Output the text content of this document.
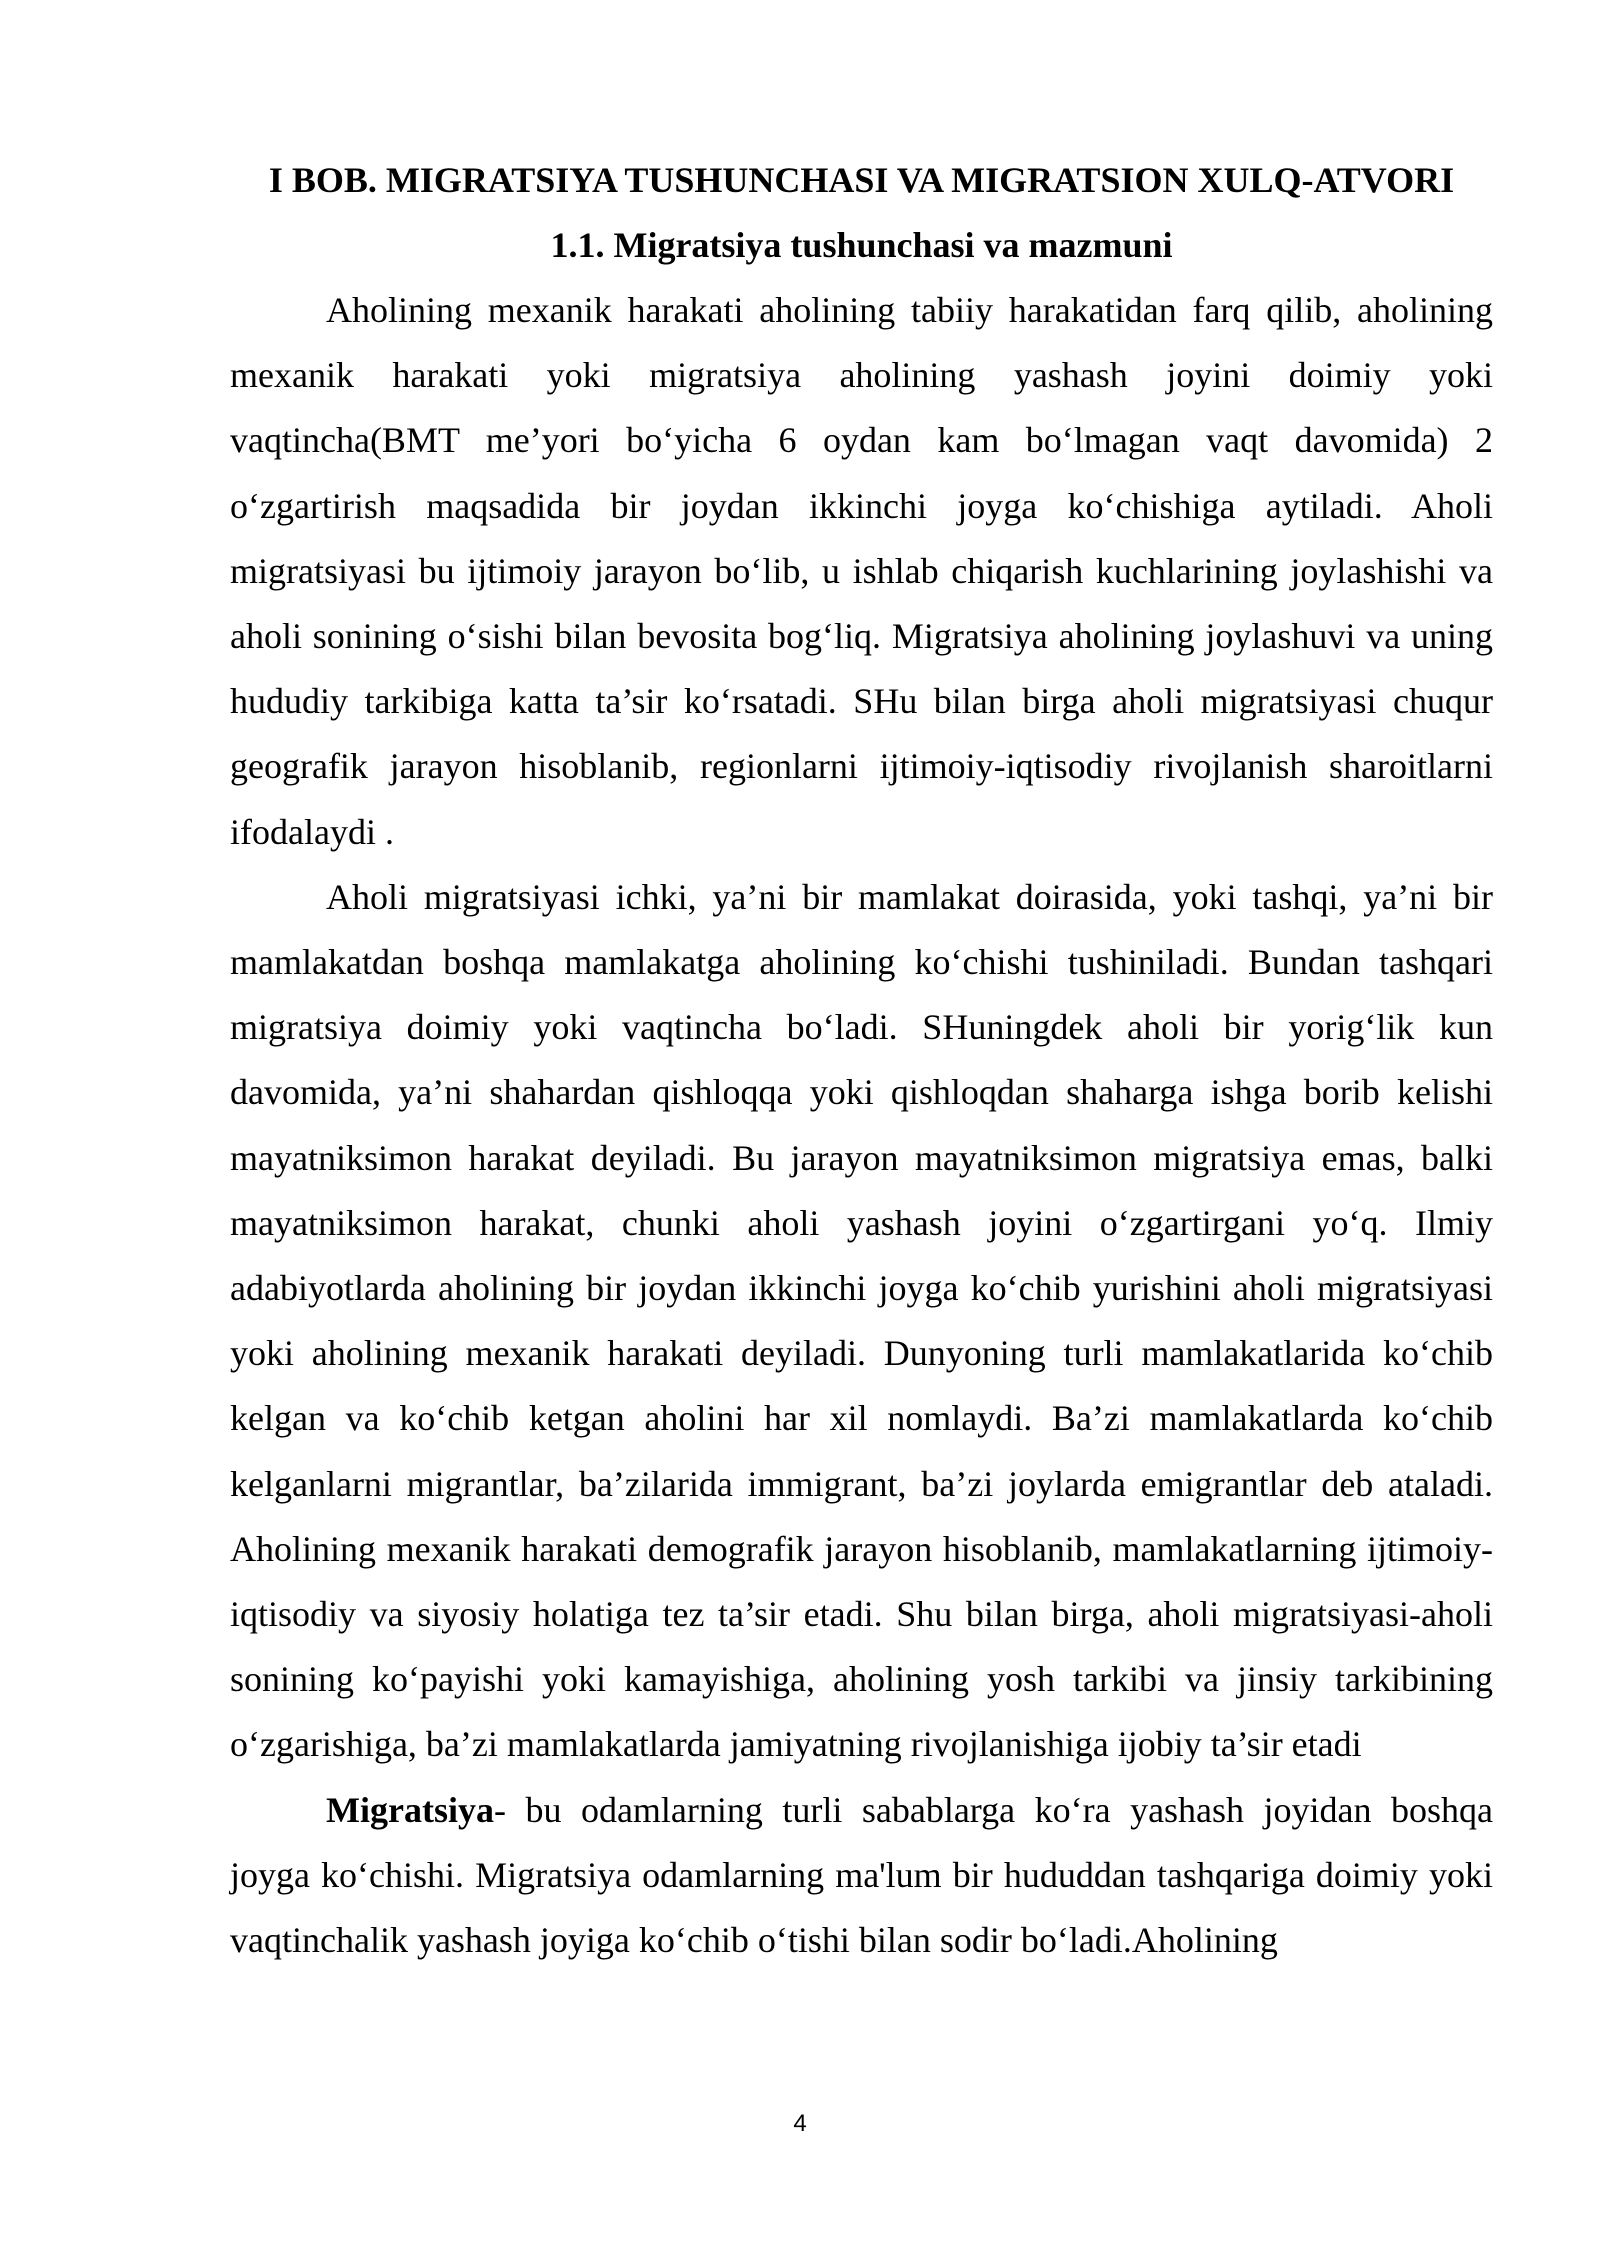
I BOB. MIGRATSIYA TUSHUNCHASI VA MIGRATSION XULQ-ATVORI
1.1. Migratsiya tushunchasi va mazmuni

Aholining mexanik harakati aholining tabiiy harakatidan farq qilib, aholining mexanik harakati yoki migratsiya aholining yashash joyini doimiy yoki vaqtincha(BMT me’yori bo‘yicha 6 oydan kam bo‘lmagan vaqt davomida) 2 o‘zgartirish maqsadida bir joydan ikkinchi joyga ko‘chishiga aytiladi. Aholi migratsiyasi bu ijtimoiy jarayon bo‘lib, u ishlab chiqarish kuchlarining joylashishi va aholi sonining o‘sishi bilan bevosita bog‘liq. Migratsiya aholining joylashuvi va uning hududiy tarkibiga katta ta’sir ko‘rsatadi. SHu bilan birga aholi migratsiyasi chuqur geografik jarayon hisoblanib, regionlarni ijtimoiy-iqtisodiy rivojlanish sharoitlarni ifodalaydi .

Aholi migratsiyasi ichki, ya’ni bir mamlakat doirasida, yoki tashqi, ya’ni bir mamlakatdan boshqa mamlakatga aholining ko‘chishi tushiniladi. Bundan tashqari migratsiya doimiy yoki vaqtincha bo‘ladi. SHuningdek aholi bir yorig‘lik kun davomida, ya’ni shahardan qishloqqa yoki qishloqdan shaharga ishga borib kelishi mayatniksimon harakat deyiladi. Bu jarayon mayatniksimon migratsiya emas, balki mayatniksimon harakat, chunki aholi yashash joyini o‘zgartirgani yo‘q. Ilmiy adabiyotlarda aholining bir joydan ikkinchi joyga ko‘chib yurishini aholi migratsiyasi yoki aholining mexanik harakati deyiladi. Dunyoning turli mamlakatlarida ko‘chib kelgan va ko‘chib ketgan aholini har xil nomlaydi. Ba’zi mamlakatlarda ko‘chib kelganlarni migrantlar, ba’zilarida immigrant, ba’zi joylarda emigrantlar deb ataladi. Aholining mexanik harakati demografik jarayon hisoblanib, mamlakatlarning ijtimoiy- iqtisodiy va siyosiy holatiga tez ta’sir etadi. Shu bilan birga, aholi migratsiyasi-aholi sonining ko‘payishi yoki kamayishiga, aholining yosh tarkibi va jinsiy tarkibining o‘zgarishiga, ba’zi mamlakatlarda jamiyatning rivojlanishiga ijobiy ta’sir etadi

Migratsiya- bu odamlarning turli sabablarga ko‘ra yashash joyidan boshqa joyga ko‘chishi. Migratsiya odamlarning ma'lum bir hududdan tashqariga doimiy yoki vaqtinchalik yashash joyiga ko‘chib o‘tishi bilan sodir bo‘ladi.Aholining

4
